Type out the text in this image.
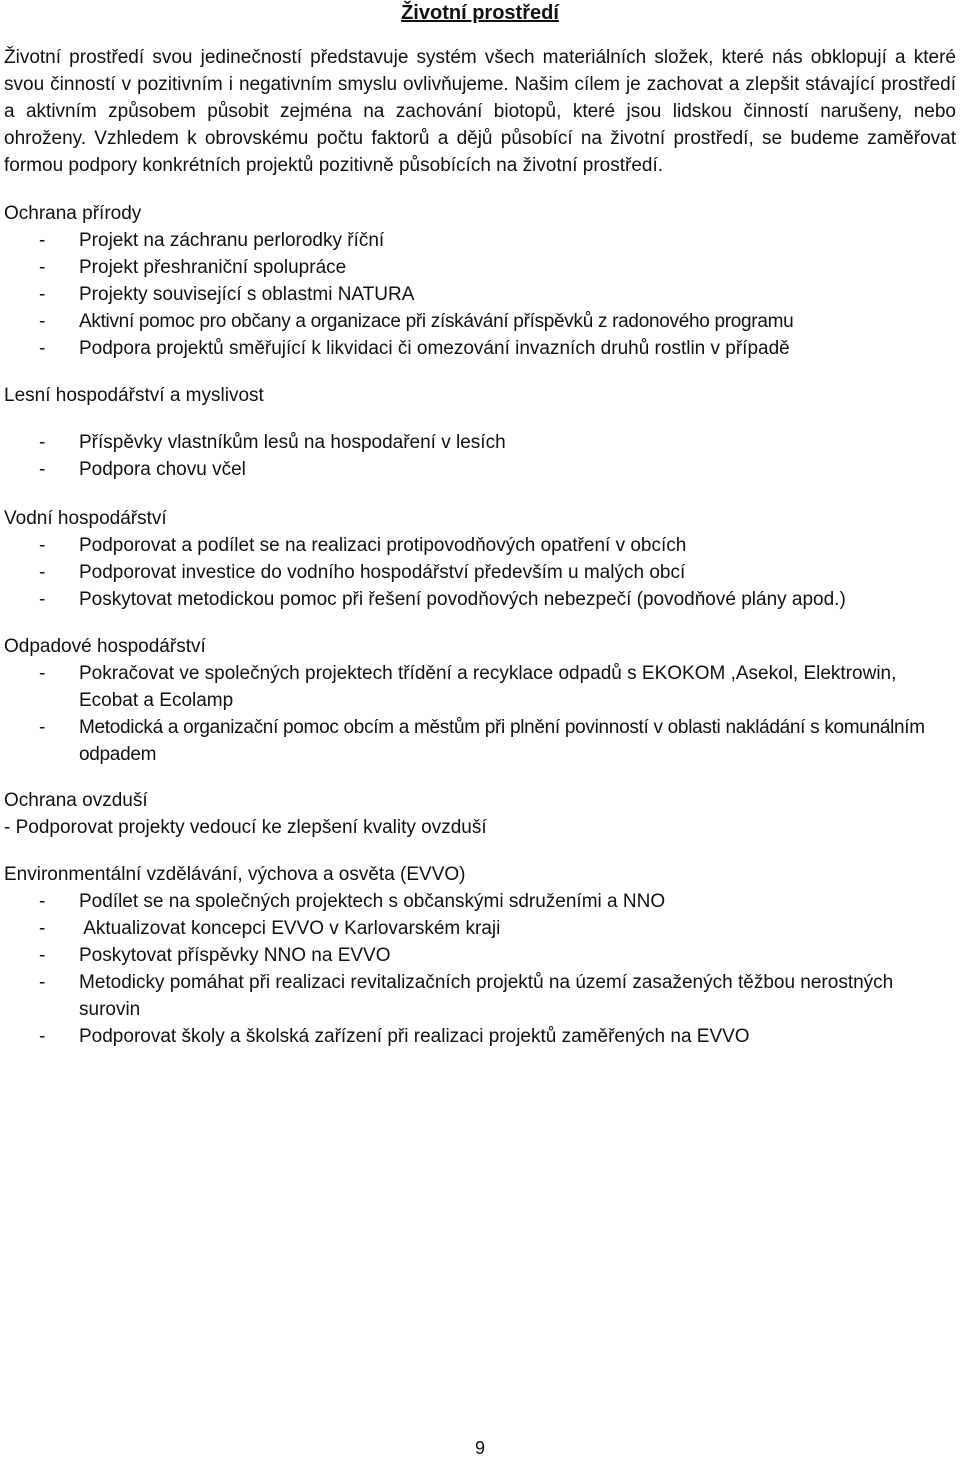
Životní prostředí

Životní prostředí svou jedinečností představuje systém všech materiálních složek, které nás obklopují a které svou činností v pozitivním i negativním smyslu ovlivňujeme. Našim cílem je zachovat a zlepšit stávající prostředí a aktivním způsobem působit zejména na zachování biotopů, které jsou lidskou činností narušeny, nebo ohroženy. Vzhledem k obrovskému počtu faktorů a dějů působící na životní prostředí, se budeme zaměřovat formou podpory konkrétních projektů pozitivně působících na životní prostředí.

Ochrana přírody

- Projekt na záchranu perlorodky říční
- Projekt přeshraniční spolupráce
- Projekty související s oblastmi NATURA
- Aktivní pomoc pro občany a organizace při získávání příspěvků z radonového programu
- Podpora projektů směřující k likvidaci či omezování invazních druhů rostlin v případě

Lesní hospodářství a myslivost

- Příspěvky vlastníkům lesů na hospodaření v lesích
- Podpora chovu včel

Vodní hospodářství

- Podporovat a podílet se na realizaci protipovodňových opatření v obcích
- Podporovat investice do vodního hospodářství především u malých obcí
- Poskytovat metodickou pomoc při řešení povodňových nebezpečí (povodňové plány apod.)

Odpadové hospodářství

- Pokračovat ve společných projektech třídění a recyklace odpadů s EKOKOM ,Asekol, Elektrowin, Ecobat a Ecolamp
- Metodická a organizační pomoc obcím a městům při plnění povinností v oblasti nakládání s komunálním odpadem

Ochrana ovzduší

- Podporovat projekty vedoucí ke zlepšení kvality ovzduší

Environmentální vzdělávání, výchova a osvěta (EVVO)

- Podílet se na společných projektech s občanskými sdruženími a NNO
- Aktualizovat koncepci EVVO v Karlovarském kraji
- Poskytovat příspěvky NNO na EVVO
- Metodicky pomáhat při realizaci revitalizačních projektů na území zasažených těžbou nerostných surovin
- Podporovat školy a školská zařízení při realizaci projektů zaměřených na EVVO
9
